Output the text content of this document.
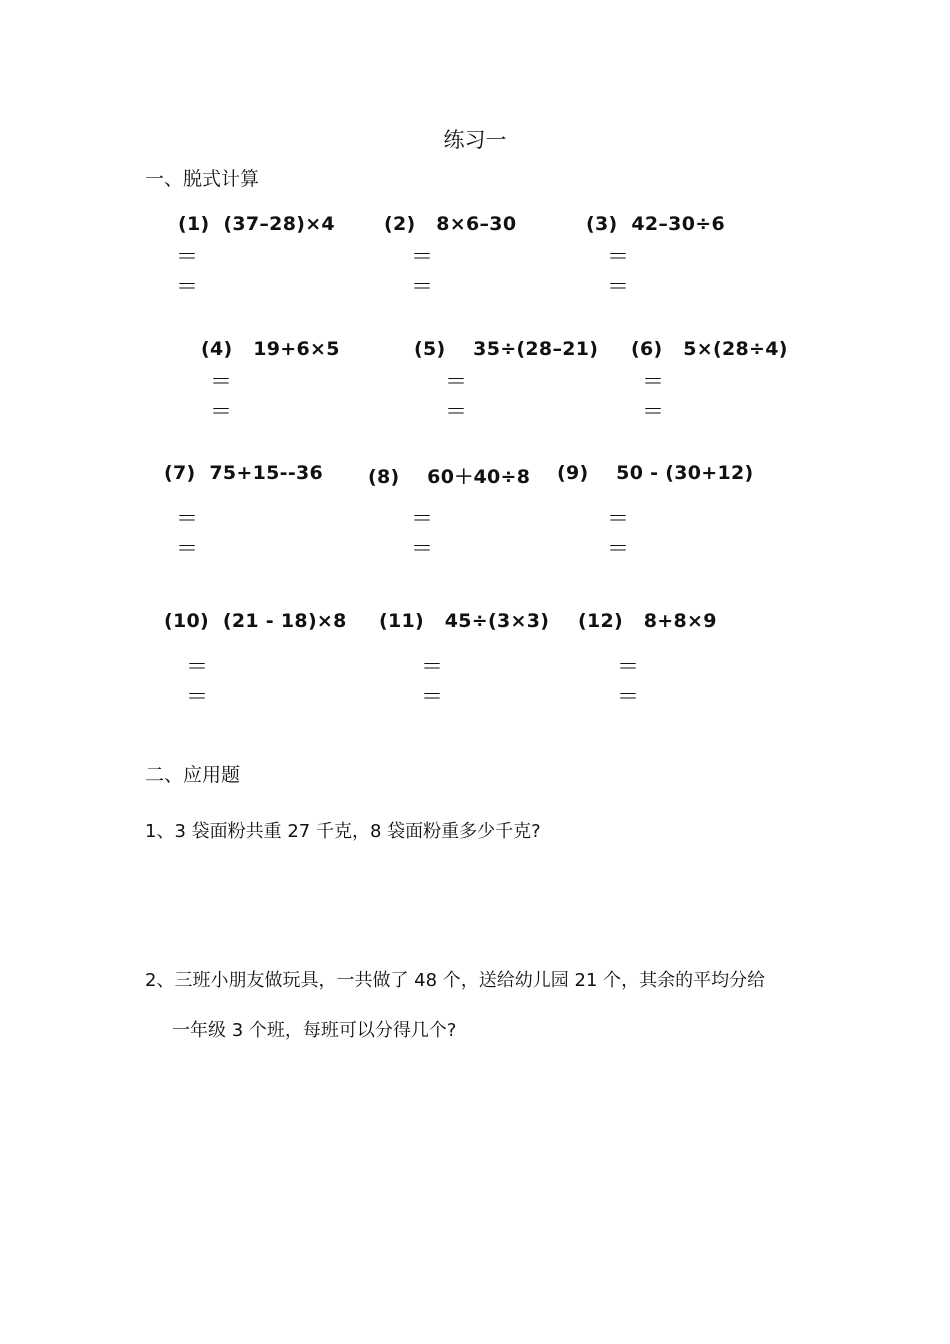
练习一
一、脱式计算
(1) (37–28)×4
＝
＝
(2) 8×6–30
＝
＝
(3) 42–30÷6
＝
＝
(4) 19+6×5
＝
＝
(5) 35÷(28–21)
＝
＝
(6) 5×(28÷4)
＝
＝
(7) 75+15--36
＝
＝
(8) 60＋40÷8
＝
＝
(9) 50 - (30+12)
＝
＝
(10) (21 - 18)×8
＝
＝
(11) 45÷(3×3)
＝
＝
(12) 8+8×9
＝
＝
二、应用题
1、3 袋面粉共重 27 千克，8 袋面粉重多少千克?
2、三班小朋友做玩具，一共做了 48 个，送给幼儿园 21 个，其余的平均分给
一年级 3 个班，每班可以分得几个?
